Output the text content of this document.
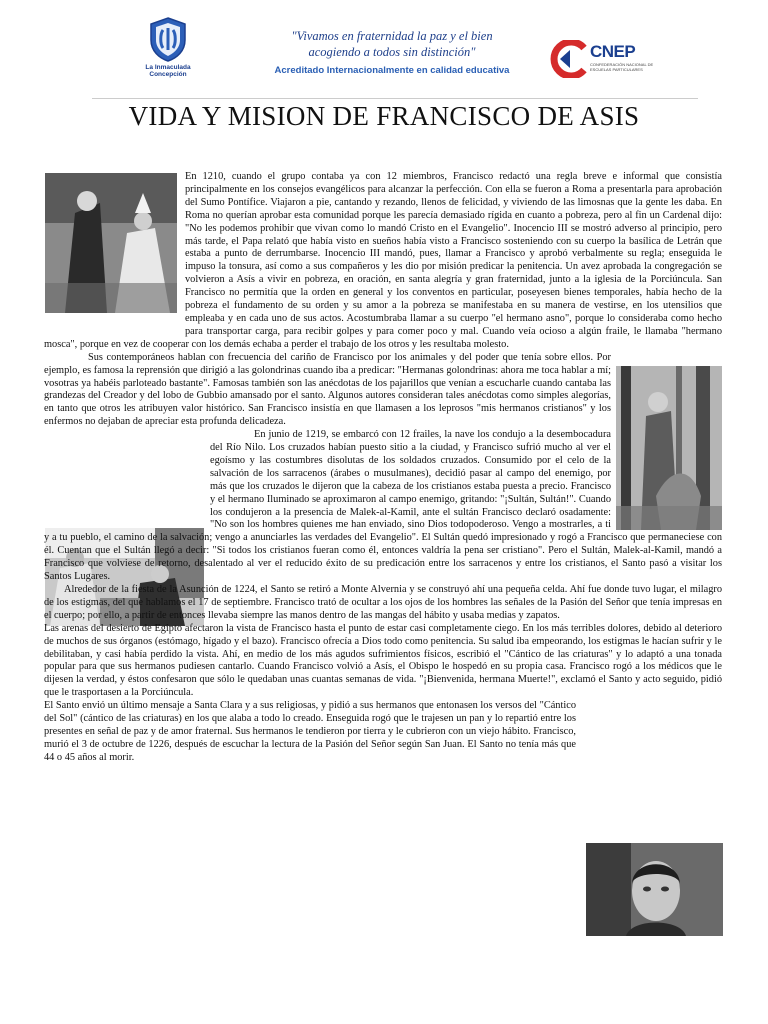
La Inmaculada Concepción
"Vivamos en fraternidad la paz y el bien
acogiendo a todos sin distinción"
Acreditado Internacionalmente en calidad educativa
CNEP
CONFEDERACIÓN NACIONAL DE ESCUELAS PARTICULARES
VIDA Y MISION DE FRANCISCO DE ASIS

En 1210, cuando el grupo contaba ya con 12 miembros, Francisco redactó una regla breve e informal que consistía principalmente en los consejos evangélicos para alcanzar la perfección. Con ella se fueron a Roma a presentarla para aprobación del Sumo Pontífice. Viajaron a pie, cantando y rezando, llenos de felicidad, y viviendo de las limosnas que la gente les daba. En Roma no querían aprobar esta comunidad porque les parecía demasiado rígida en cuanto a pobreza, pero al fin un Cardenal dijo: "No les podemos prohibir que vivan como lo mandó Cristo en el Evangelio". Inocencio III se mostró adverso al principio, pero más tarde, el Papa relató que había visto en sueños había visto a Francisco sosteniendo con su cuerpo la basílica de Letrán que estaba a punto de derrumbarse. Inocencio III mandó, pues, llamar a Francisco y aprobó verbalmente su regla; enseguida le impuso la tonsura, así como a sus compañeros y les dio por misión predicar la penitencia. Un avez aprobada la congregación se volvieron a Asís a vivir en pobreza, en oración, en santa alegría y gran fraternidad, junto a la iglesia de la Porciúncula. San Francisco no permitía que la orden en general y los conventos en particular, poseyesen bienes temporales, había hecho de la pobreza el fundamento de su orden y su amor a la pobreza se manifestaba en su manera de vestirse, en los utensilios que empleaba y en cada uno de sus actos. Acostumbraba llamar a su cuerpo "el hermano asno", porque lo consideraba como hecho para transportar carga, para recibir golpes y para comer poco y mal. Cuando veía ocioso a algún fraile, le llamaba "hermano mosca", porque en vez de cooperar con los demás echaba a perder el trabajo de los otros y les resultaba molesto.

Sus contemporáneos hablan con frecuencia del cariño de Francisco por los animales y del poder que tenía sobre ellos. Por ejemplo, es famosa la reprensión que dirigió a las golondrinas cuando iba a predicar: "Hermanas golondrinas: ahora me toca hablar a mí; vosotras ya habéis parloteado bastante". Famosas también son las anécdotas de los pajarillos que venían a escucharle cuando cantaba las grandezas del Creador y del lobo de Gubbio amansado por el santo. Algunos autores consideran tales anécdotas como simples alegorías, en tanto que otros les atribuyen valor histórico. San Francisco insistía en que llamasen a los leprosos "mis hermanos cristianos" y los enfermos no dejaban de apreciar esta profunda delicadeza.

En junio de 1219, se embarcó con 12 frailes, la nave los condujo a la desembocadura del Río Nilo. Los cruzados habían puesto sitio a la ciudad, y Francisco sufrió mucho al ver el egoísmo y las costumbres disolutas de los soldados cruzados. Consumido por el celo de la salvación de los sarracenos (árabes o musulmanes), decidió pasar al campo del enemigo, por más que los cruzados le dijeron que la cabeza de los cristianos estaba puesta a precio. Francisco y el hermano Iluminado se aproximaron al campo enemigo, gritando: "¡Sultán, Sultán!". Cuando los condujeron a la presencia de Malek-al-Kamil, ante el sultán Francisco declaró osadamente: "No son los hombres quienes me han enviado, sino Dios todopoderoso. Vengo a mostrarles, a ti y a tu pueblo, el camino de la salvación; vengo a anunciarles las verdades del Evangelio". El Sultán quedó impresionado y rogó a Francisco que permaneciese con él. Cuentan que el Sultán llegó a decir: "Si todos los cristianos fueran como él, entonces valdría la pena ser cristiano". Pero el Sultán, Malek-al-Kamil, mandó a Francisco que volviese de retorno, desalentado al ver el reducido éxito de su predicación entre los sarracenos y entre los cristianos, el Santo pasó a visitar los Santos Lugares.

Alrededor de la fiesta de la Asunción de 1224, el Santo se retiró a Monte Alvernia y se construyó ahí una pequeña celda. Ahí fue donde tuvo lugar, el milagro de los estigmas, del que hablamos el 17 de septiembre. Francisco trató de ocultar a los ojos de los hombres las señales de la Pasión del Señor que tenía impresas en el cuerpo; por ello, a partir de entonces llevaba siempre las manos dentro de las mangas del hábito y usaba medias y zapatos.

Las arenas del desierto de Egipto afectaron la vista de Francisco hasta el punto de estar casi completamente ciego. En los más terribles dolores, debido al deterioro de muchos de sus órganos (estómago, hígado y el bazo). Francisco ofrecía a Dios todo como penitencia. Su salud iba empeorando, los estigmas le hacían sufrir y le debilitaban, y casi había perdido la vista. Ahí, en medio de los más agudos sufrimientos físicos, escribió el "Cántico de las criaturas" y lo adaptó a una tonada popular para que sus hermanos pudiesen cantarlo. Cuando Francisco volvió a Asís, el Obispo le hospedó en su propia casa. Francisco rogó a los médicos que le dijesen la verdad, y éstos confesaron que sólo le quedaban unas cuantas semanas de vida. "¡Bienvenida, hermana Muerte!", exclamó el Santo y acto seguido, pidió que le trasportasen a la Porciúncula.

El Santo envió un último mensaje a Santa Clara y a sus religiosas, y pidió a sus hermanos que entonasen los versos del "Cántico del Sol" (cántico de las criaturas) en los que alaba a todo lo creado. Enseguida rogó que le trajesen un pan y lo repartió entre los presentes en señal de paz y de amor fraternal. Sus hermanos le tendieron por tierra y le cubrieron con un viejo hábito. Francisco, murió el 3 de octubre de 1226, después de escuchar la lectura de la Pasión del Señor según San Juan. El Santo no tenía más que 44 o 45 años al morir.
